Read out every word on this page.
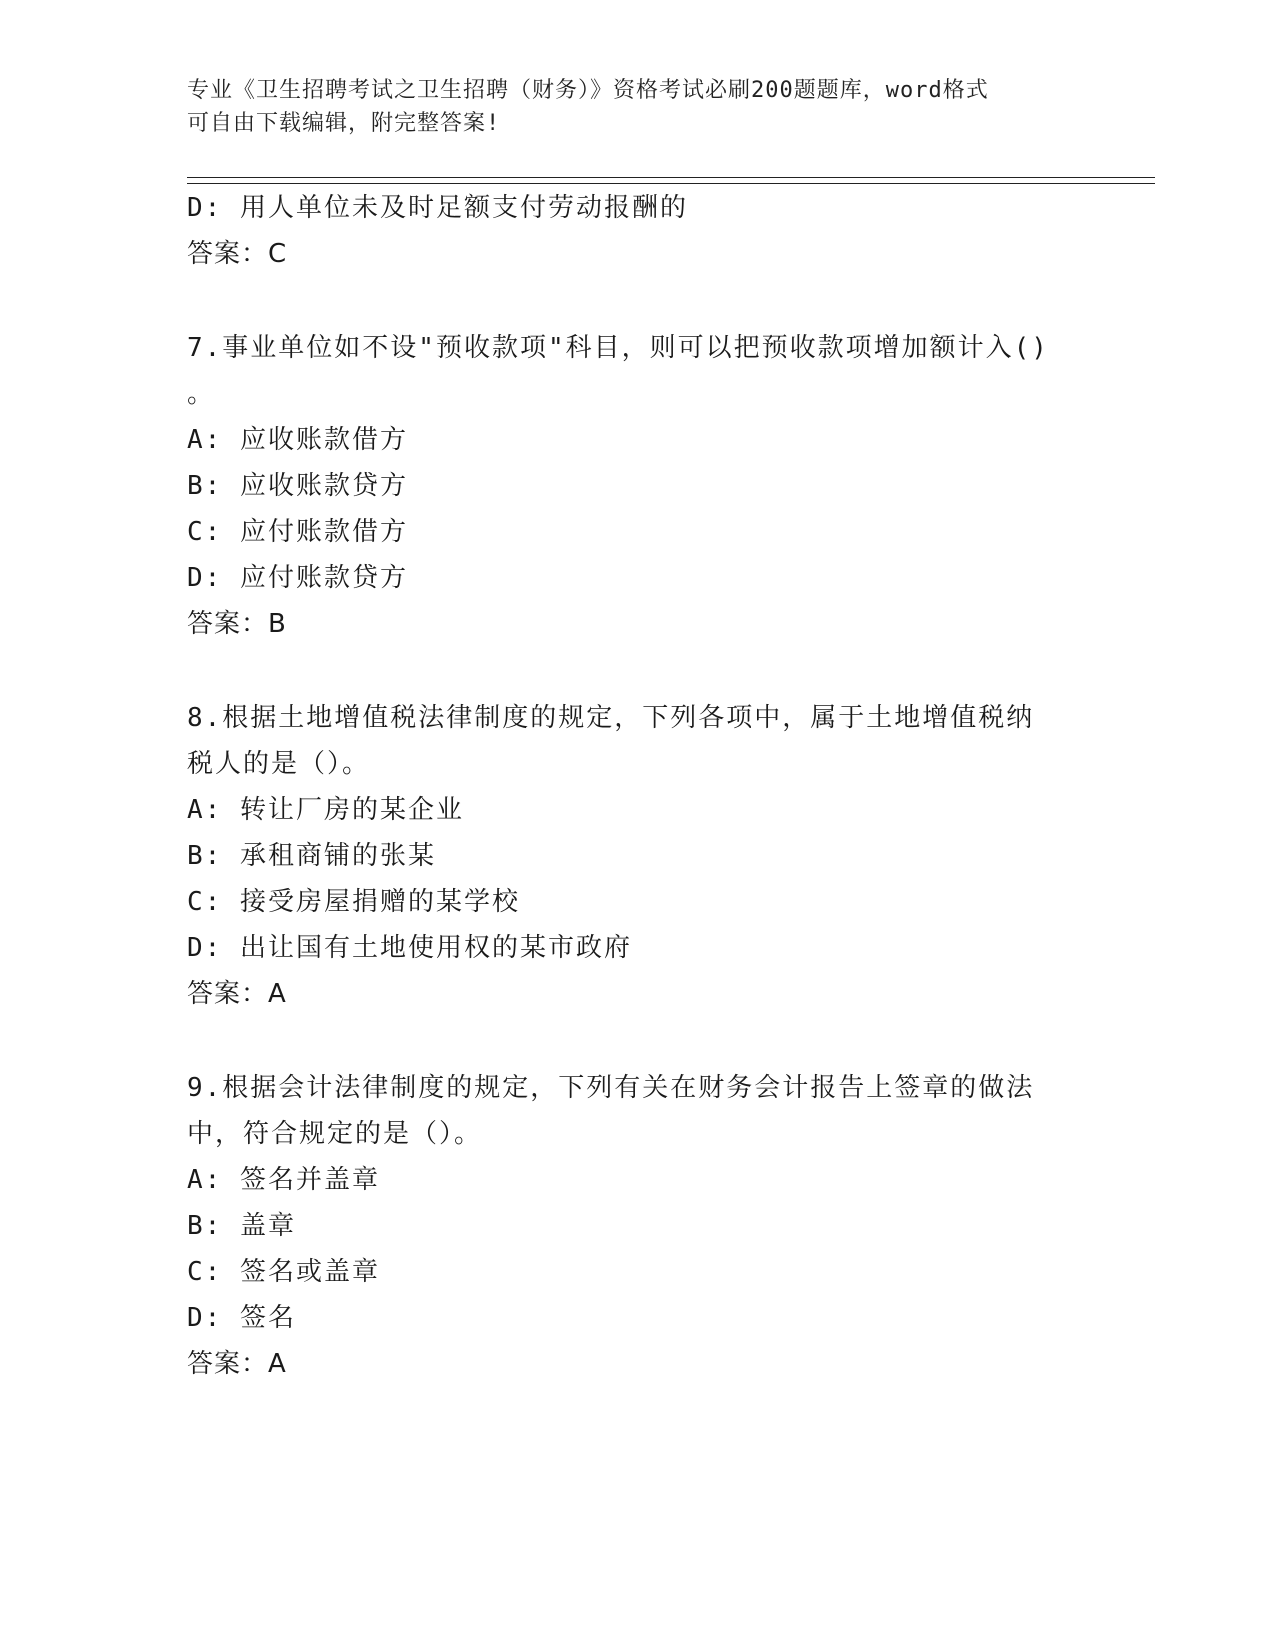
专业《卫生招聘考试之卫生招聘（财务）》资格考试必刷200题题库，word格式
可自由下载编辑，附完整答案!
D: 用人单位未及时足额支付劳动报酬的
答案：C
7.事业单位如不设"预收款项"科目，则可以把预收款项增加额计入()
。
A: 应收账款借方
B: 应收账款贷方
C: 应付账款借方
D: 应付账款贷方
答案：B
8.根据土地增值税法律制度的规定，下列各项中，属于土地增值税纳
税人的是（）。
A: 转让厂房的某企业
B: 承租商铺的张某
C: 接受房屋捐赠的某学校
D: 出让国有土地使用权的某市政府
答案：A
9.根据会计法律制度的规定，下列有关在财务会计报告上签章的做法
中，符合规定的是（）。
A: 签名并盖章
B: 盖章
C: 签名或盖章
D: 签名
答案：A
